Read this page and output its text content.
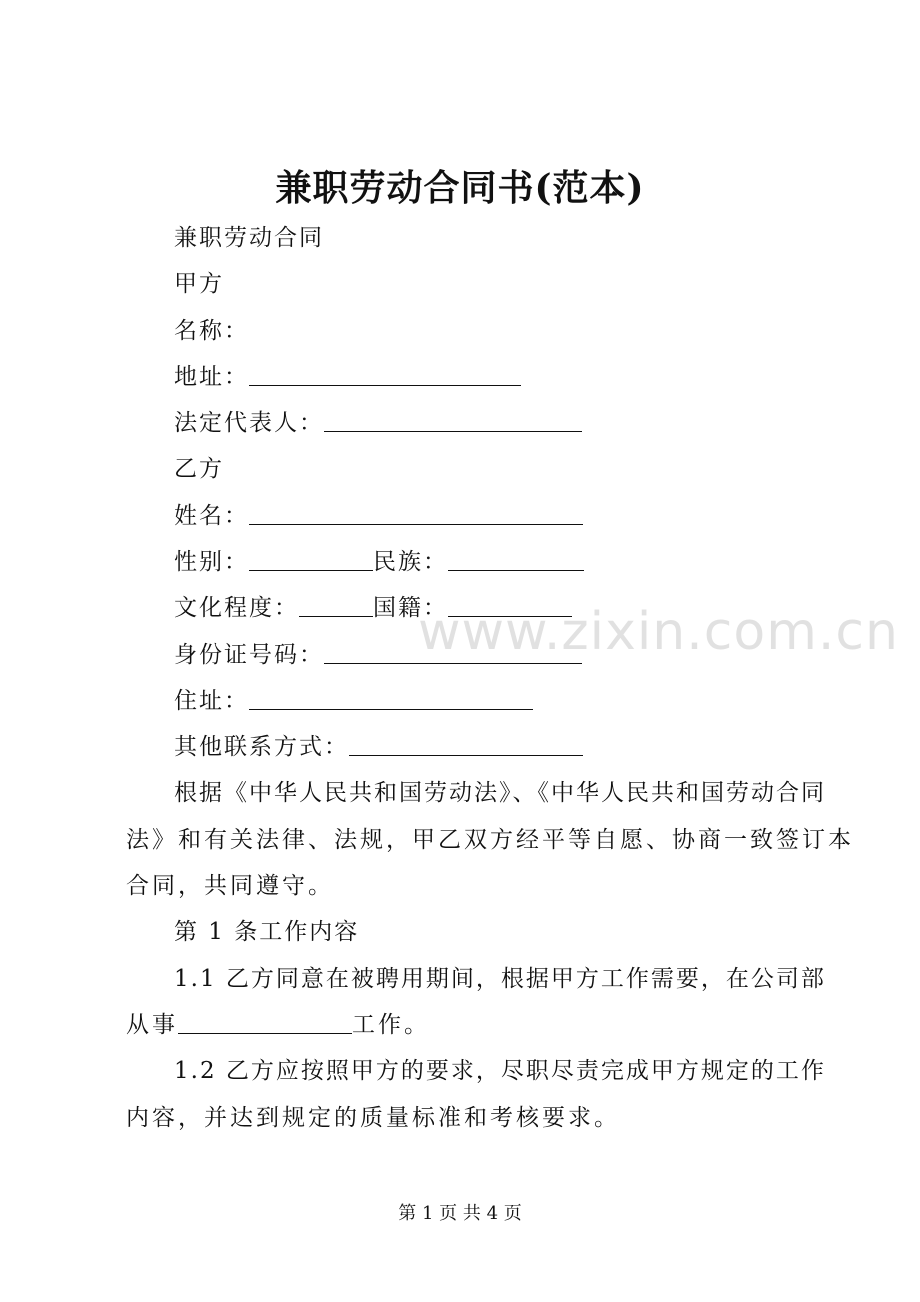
兼职劳动合同书(范本)
兼职劳动合同
甲方
名称：
地址：
法定代表人：
乙方
姓名：
性别：	民族：
文化程度：	国籍：
身份证号码：
住址：
其他联系方式：
根据《中华人民共和国劳动法》、《中华人民共和国劳动合同
法》和有关法律、法规，甲乙双方经平等自愿、协商一致签订本
合同，共同遵守。
第 1 条工作内容
1.1 乙方同意在被聘用期间，根据甲方工作需要，在公司部
从事	工作。
1.2 乙方应按照甲方的要求，尽职尽责完成甲方规定的工作
内容，并达到规定的质量标准和考核要求。
www.zixin.com.cn
第 1 页 共 4 页
